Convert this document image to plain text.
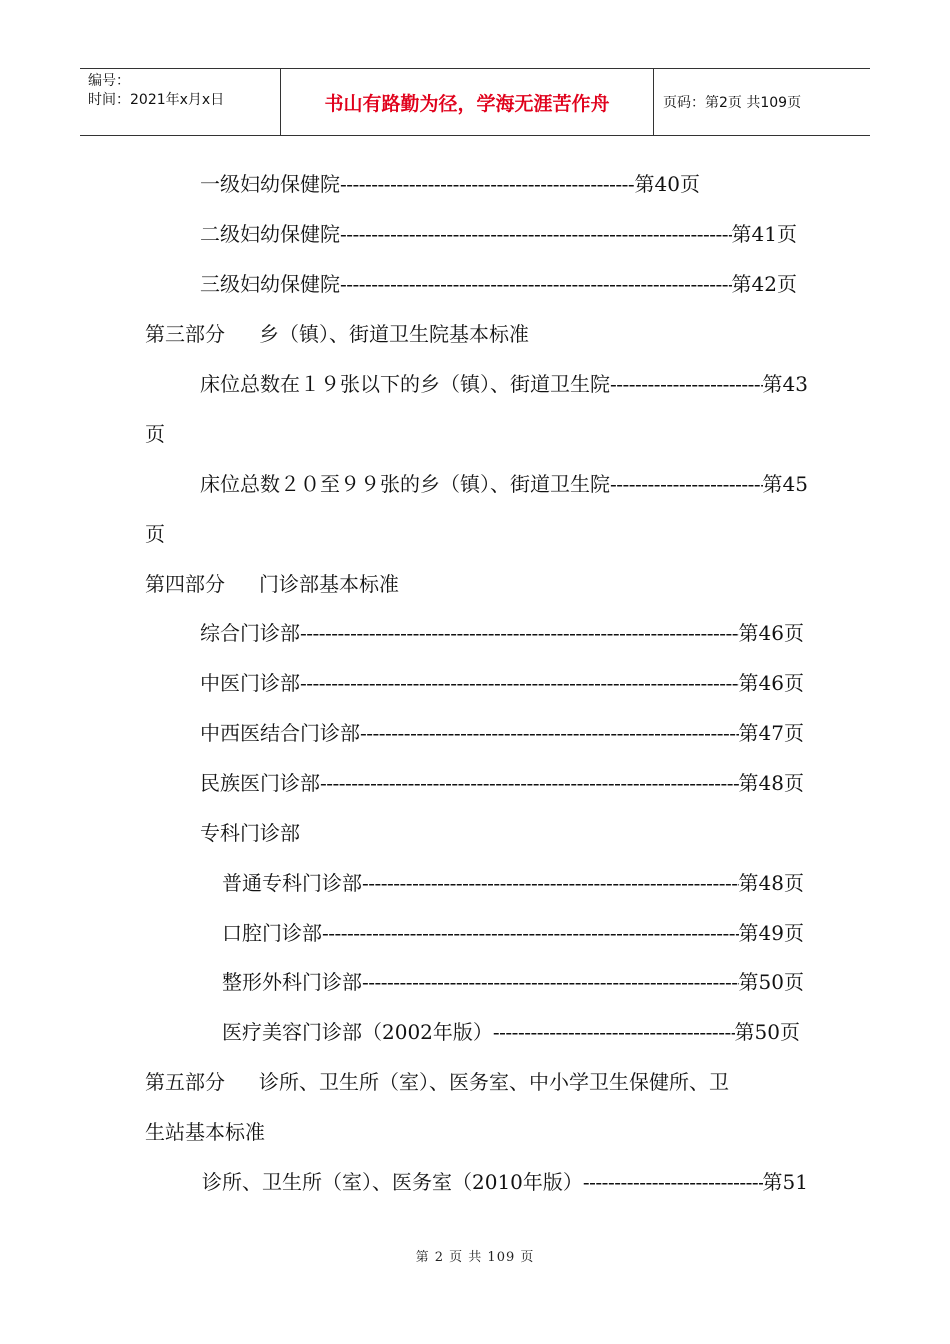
编号：
时间：2021年x月x日	书山有路勤为径，学海无涯苦作舟	页码：第2页 共109页
一级妇幼保健院 -----	第40页
二级妇幼保健院 -----	第41页
三级妇幼保健院 -----	第42页
第三部分 乡（镇）、街道卫生院基本标准
床位总数在１９张以下的乡（镇）、街道卫生院 -----	第43
页
床位总数２０至９９张的乡（镇）、街道卫生院 -----	第45
页
第四部分 门诊部基本标准
综合门诊部 -----	第46页
中医门诊部 -----	第46页
中西医结合门诊部 -----	第47页
民族医门诊部 -----	第48页
专科门诊部
普通专科门诊部 -----	第48页
口腔门诊部 -----	第49页
整形外科门诊部 -----	第50页
医疗美容门诊部（2002年版） -----	第50页
第五部分 诊所、卫生所（室）、医务室、中小学卫生保健所、卫
生站基本标准
诊所、卫生所（室）、医务室（2010年版） -----	第51
第 2 页 共 109 页
